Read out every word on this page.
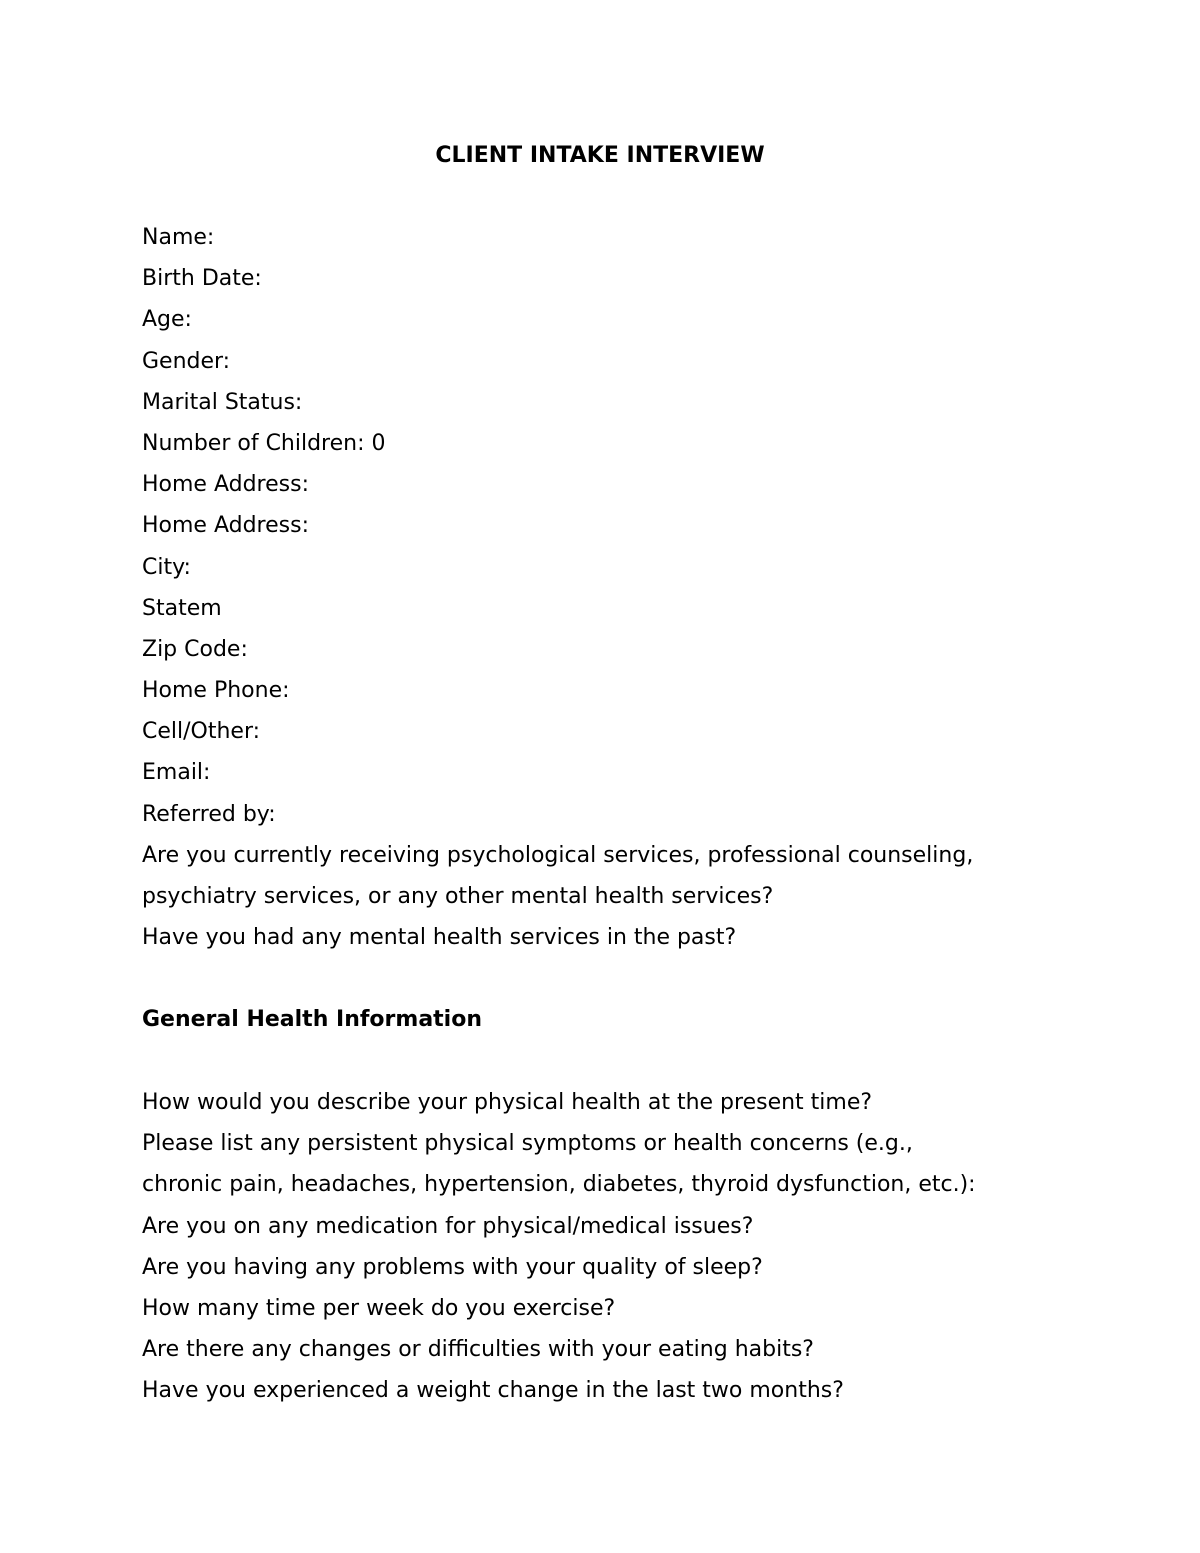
CLIENT INTAKE INTERVIEW
Name:
Birth Date:
Age:
Gender:
Marital Status:
Number of Children: 0
Home Address:
Home Address:
City:
Statem
Zip Code:
Home Phone:
Cell/Other:
Email:
Referred by:
Are you currently receiving psychological services, professional counseling,
psychiatry services, or any other mental health services?
Have you had any mental health services in the past?
General Health Information
How would you describe your physical health at the present time?
Please list any persistent physical symptoms or health concerns (e.g.,
chronic pain, headaches, hypertension, diabetes, thyroid dysfunction, etc.):
Are you on any medication for physical/medical issues?
Are you having any problems with your quality of sleep?
How many time per week do you exercise?
Are there any changes or difficulties with your eating habits?
Have you experienced a weight change in the last two months?
